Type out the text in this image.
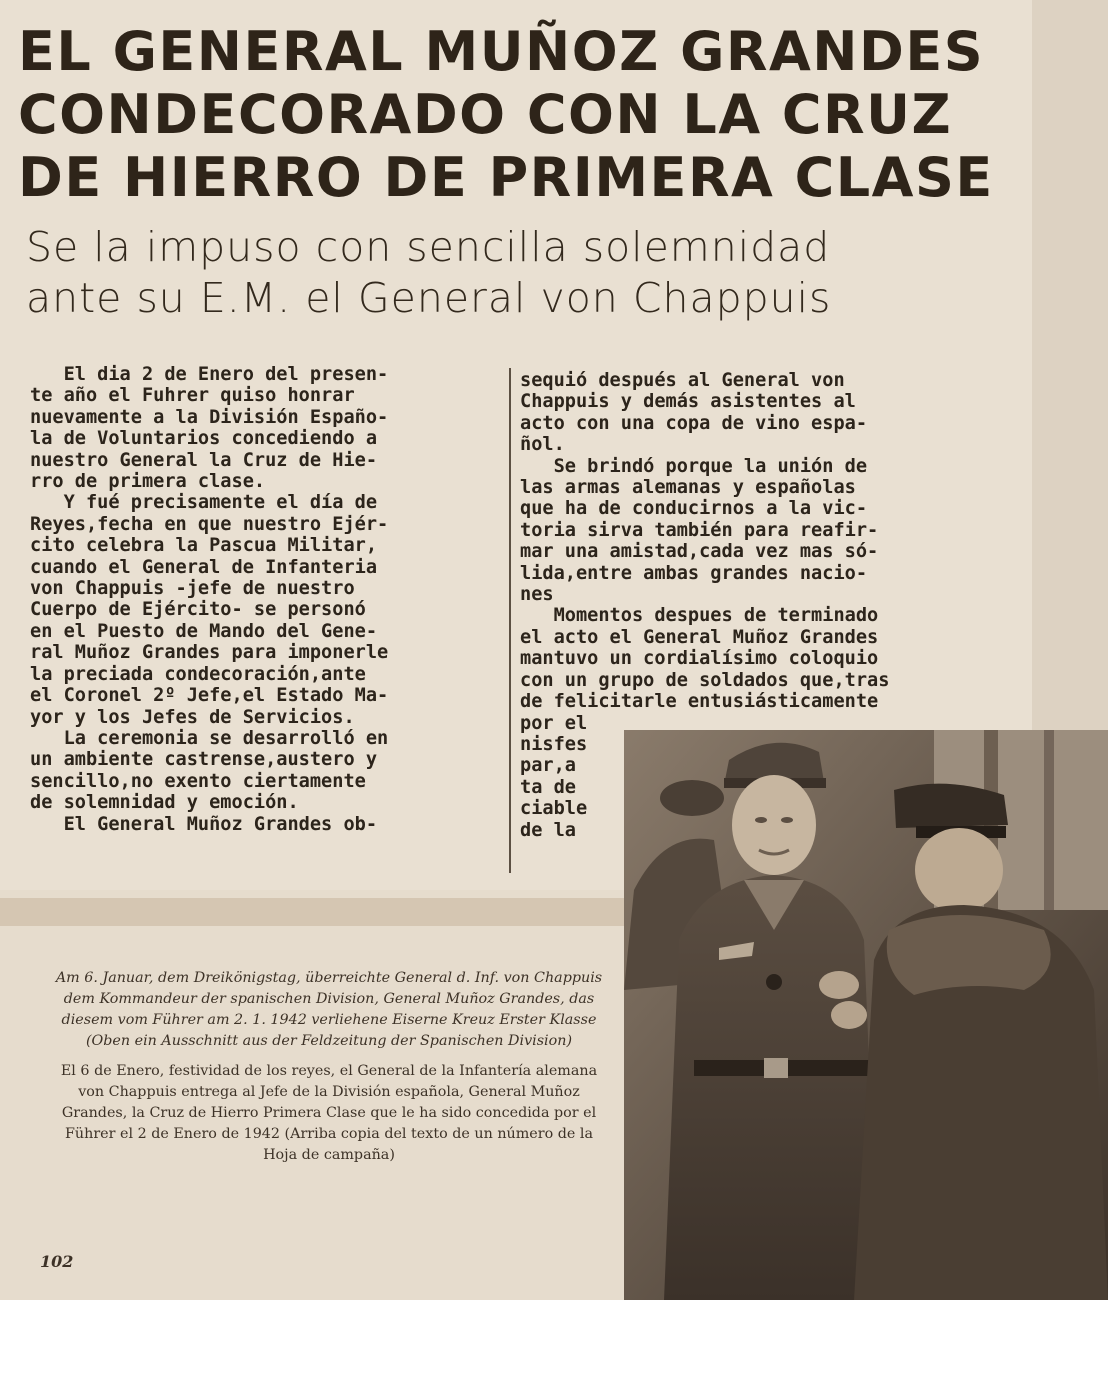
EL GENERAL MUÑOZ GRANDES
CONDECORADO CON LA CRUZ
DE HIERRO DE PRIMERA CLASE
Se la impuso con sencilla solemnidad
ante su E.M. el General von Chappuis
El dia 2 de Enero del presen-
te año el Fuhrer quiso honrar
nuevamente a la División Españo-
la de Voluntarios concediendo a
nuestro General la Cruz de Hie-
rro de primera clase.
Y fué precisamente el día de
Reyes,fecha en que nuestro Ejér-
cito celebra la Pascua Militar,
cuando el General de Infanteria
von Chappuis -jefe de nuestro
Cuerpo de Ejército- se personó
en el Puesto de Mando del Gene-
ral Muñoz Grandes para imponerle
la preciada condecoración,ante
el Coronel 2º Jefe,el Estado Ma-
yor y los Jefes de Servicios.
La ceremonia se desarrolló en
un ambiente castrense,austero y
sencillo,no exento ciertamente
de solemnidad y emoción.
El General Muñoz Grandes ob-
sequió después al General von
Chappuis y demás asistentes al
acto con una copa de vino espa-
ñol.
Se brindó porque la unión de
las armas alemanas y españolas
que ha de conducirnos a la vic-
toria sirva también para reafir-
mar una amistad,cada vez mas só-
lida,entre ambas grandes nacio-
nes
Momentos despues de terminado
el acto el General Muñoz Grandes
mantuvo un cordialísimo coloquio
con un grupo de soldados que,tras
de felicitarle entusiásticamente
por el
nisfes
par,a
ta de
ciable
de la

Am 6. Januar, dem Dreikönigstag, überreichte General d. Inf. von Chappuis dem Kommandeur der spanischen Division, General Muñoz Grandes, das diesem vom Führer am 2. 1. 1942 verliehene Eiserne Kreuz Erster Klasse (Oben ein Ausschnitt aus der Feldzeitung der Spanischen Division)

El 6 de Enero, festividad de los reyes, el General de la Infantería alemana von Chappuis entrega al Jefe de la División española, General Muñoz Grandes, la Cruz de Hierro Primera Clase que le ha sido concedida por el Führer el 2 de Enero de 1942 (Arriba copia del texto de un número de la Hoja de campaña)

102
